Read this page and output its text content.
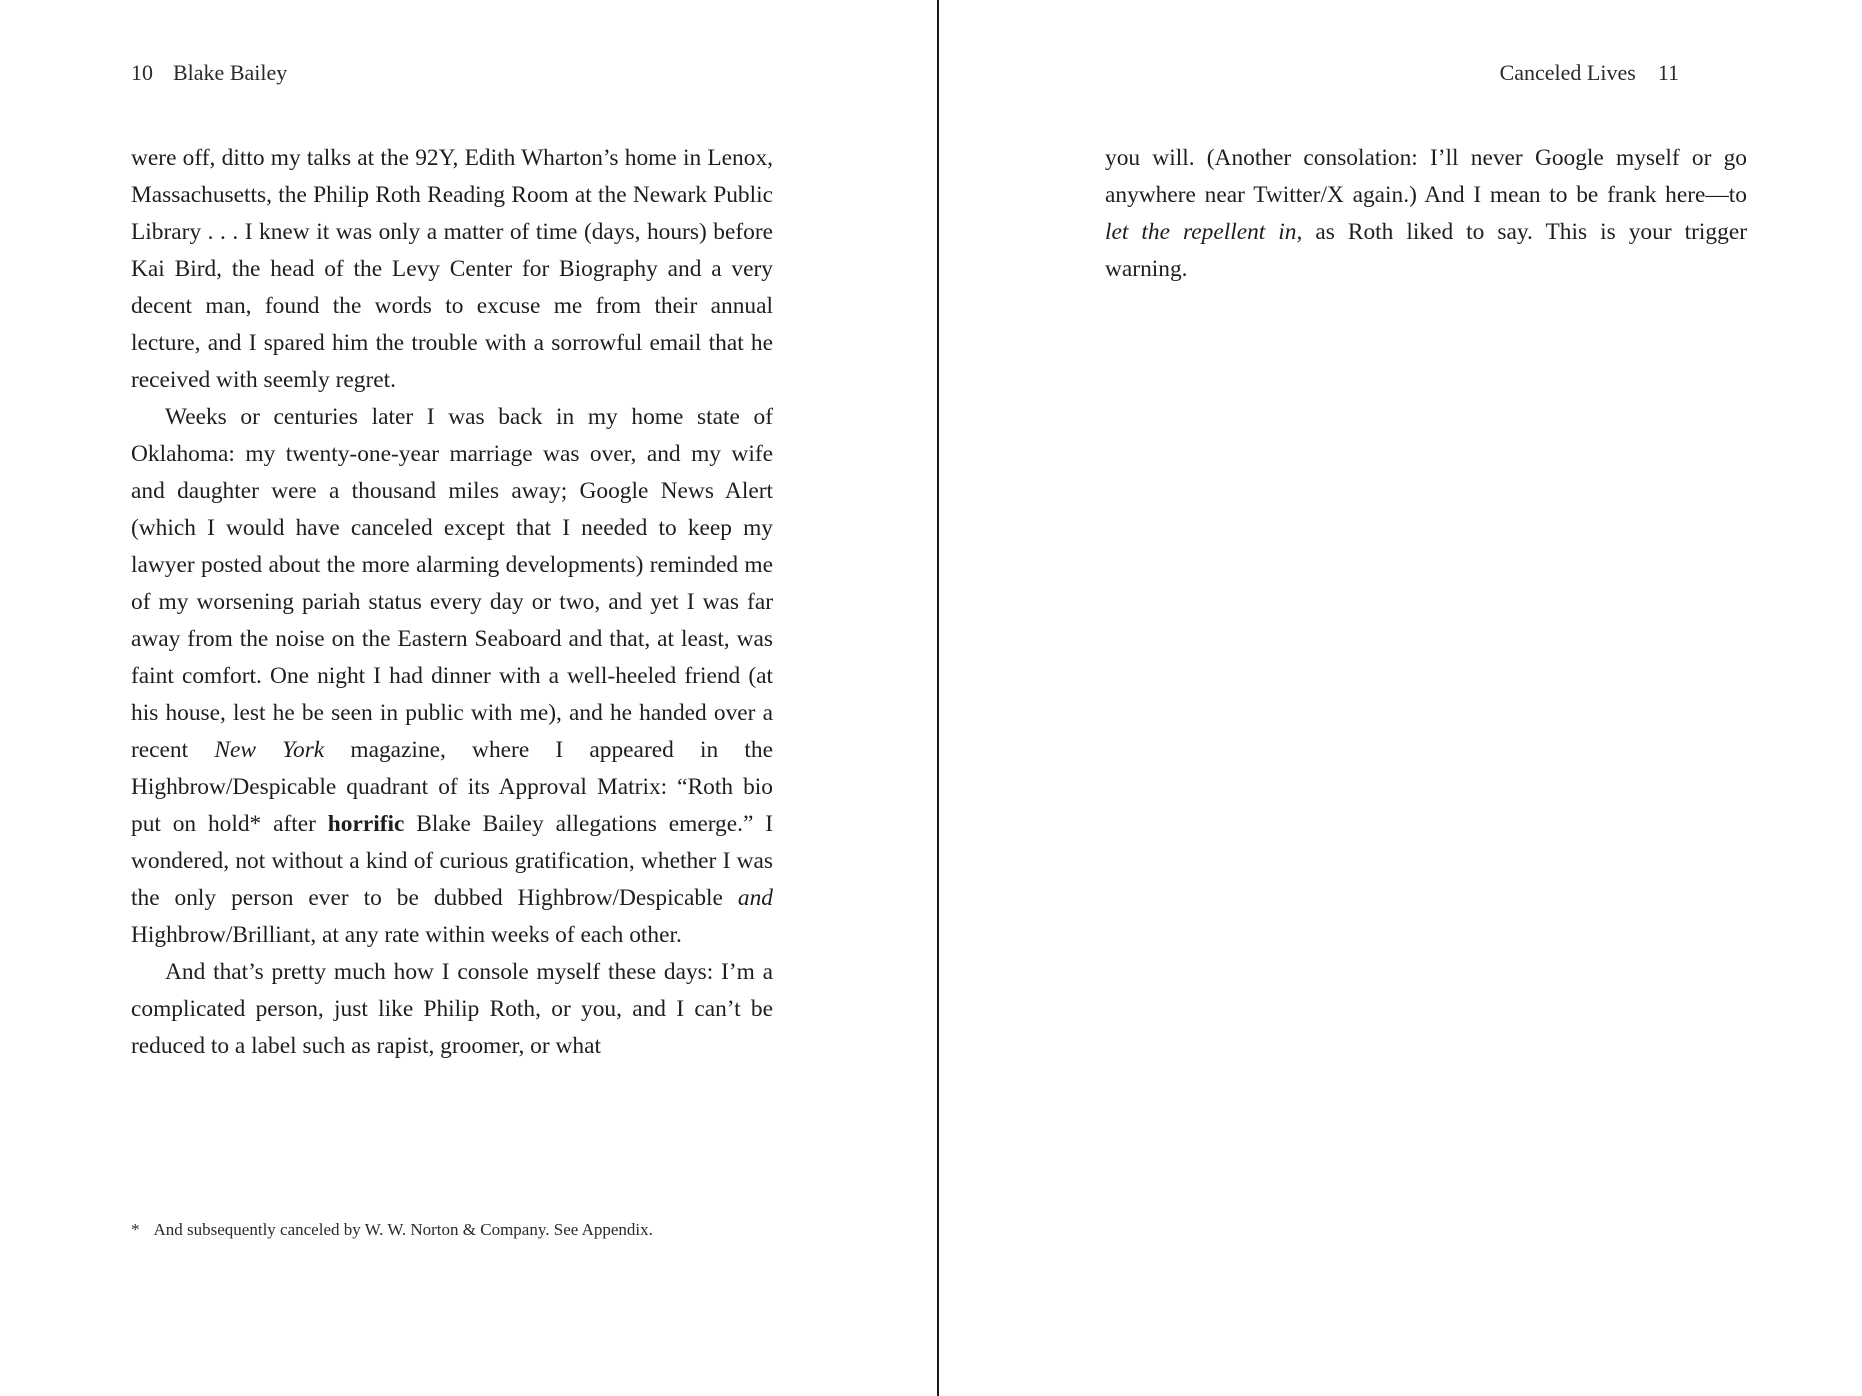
10 Blake Bailey

were off, ditto my talks at the 92Y, Edith Wharton’s home in Lenox, Massachusetts, the Philip Roth Reading Room at the Newark Public Library . . . I knew it was only a matter of time (days, hours) before Kai Bird, the head of the Levy Center for Biography and a very decent man, found the words to excuse me from their annual lecture, and I spared him the trouble with a sorrowful email that he received with seemly regret.

Weeks or centuries later I was back in my home state of Oklahoma: my twenty-one-year marriage was over, and my wife and daughter were a thousand miles away; Google News Alert (which I would have canceled except that I needed to keep my lawyer posted about the more alarming developments) reminded me of my worsening pariah status every day or two, and yet I was far away from the noise on the Eastern Seaboard and that, at least, was faint comfort. One night I had dinner with a well-heeled friend (at his house, lest he be seen in public with me), and he handed over a recent New York magazine, where I appeared in the Highbrow/Despicable quadrant of its Approval Matrix: “Roth bio put on hold* after horrific Blake Bailey allegations emerge.” I wondered, not without a kind of curious gratification, whether I was the only person ever to be dubbed Highbrow/Despicable and Highbrow/Brilliant, at any rate within weeks of each other.

And that’s pretty much how I console myself these days: I’m a complicated person, just like Philip Roth, or you, and I can’t be reduced to a label such as rapist, groomer, or what

* And subsequently canceled by W. W. Norton & Company. See Appendix.
Canceled Lives 11

you will. (Another consolation: I’ll never Google myself or go anywhere near Twitter/X again.) And I mean to be frank here—to let the repellent in, as Roth liked to say. This is your trigger warning.
